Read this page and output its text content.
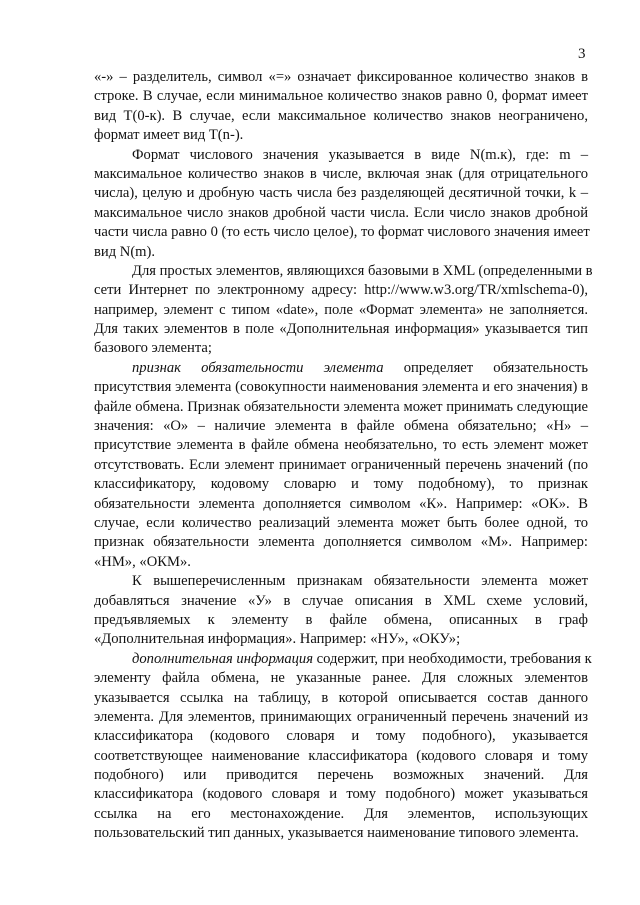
3
«-» – разделитель, символ «=» означает фиксированное количество знаков в
строке. В случае, если минимальное количество знаков равно 0, формат имеет
вид Т(0-к). В случае, если максимальное количество знаков неограничено,
формат имеет вид Т(n-).
Формат числового значения указывается в виде N(m.к), где: m –
максимальное количество знаков в числе, включая знак (для отрицательного
числа), целую и дробную часть числа без разделяющей десятичной точки, k –
максимальное число знаков дробной части числа. Если число знаков дробной
части числа равно 0 (то есть число целое), то формат числового значения имеет
вид N(m).
Для простых элементов, являющихся базовыми в XML (определенными в
сети Интернет по электронному адресу: http://www.w3.org/TR/xmlschema-0),
например, элемент с типом «date», поле «Формат элемента» не заполняется.
Для таких элементов в поле «Дополнительная информация» указывается тип
базового элемента;
признак обязательности элемента определяет обязательность
присутствия элемента (совокупности наименования элемента и его значения) в
файле обмена. Признак обязательности элемента может принимать следующие
значения: «О» – наличие элемента в файле обмена обязательно; «Н» –
присутствие элемента в файле обмена необязательно, то есть элемент может
отсутствовать. Если элемент принимает ограниченный перечень значений (по
классификатору, кодовому словарю и тому подобному), то признак
обязательности элемента дополняется символом «К». Например: «ОК». В
случае, если количество реализаций элемента может быть более одной, то
признак обязательности элемента дополняется символом «М». Например:
«НМ», «ОКМ».
К вышеперечисленным признакам обязательности элемента может
добавляться значение «У» в случае описания в XML схеме условий,
предъявляемых к элементу в файле обмена, описанных в граф
«Дополнительная информация». Например: «НУ», «ОКУ»;
дополнительная информация содержит, при необходимости, требования к
элементу файла обмена, не указанные ранее. Для сложных элементов
указывается ссылка на таблицу, в которой описывается состав данного
элемента. Для элементов, принимающих ограниченный перечень значений из
классификатора (кодового словаря и тому подобного), указывается
соответствующее наименование классификатора (кодового словаря и тому
подобного) или приводится перечень возможных значений. Для
классификатора (кодового словаря и тому подобного) может указываться
ссылка на его местонахождение. Для элементов, использующих
пользовательский тип данных, указывается наименование типового элемента.
